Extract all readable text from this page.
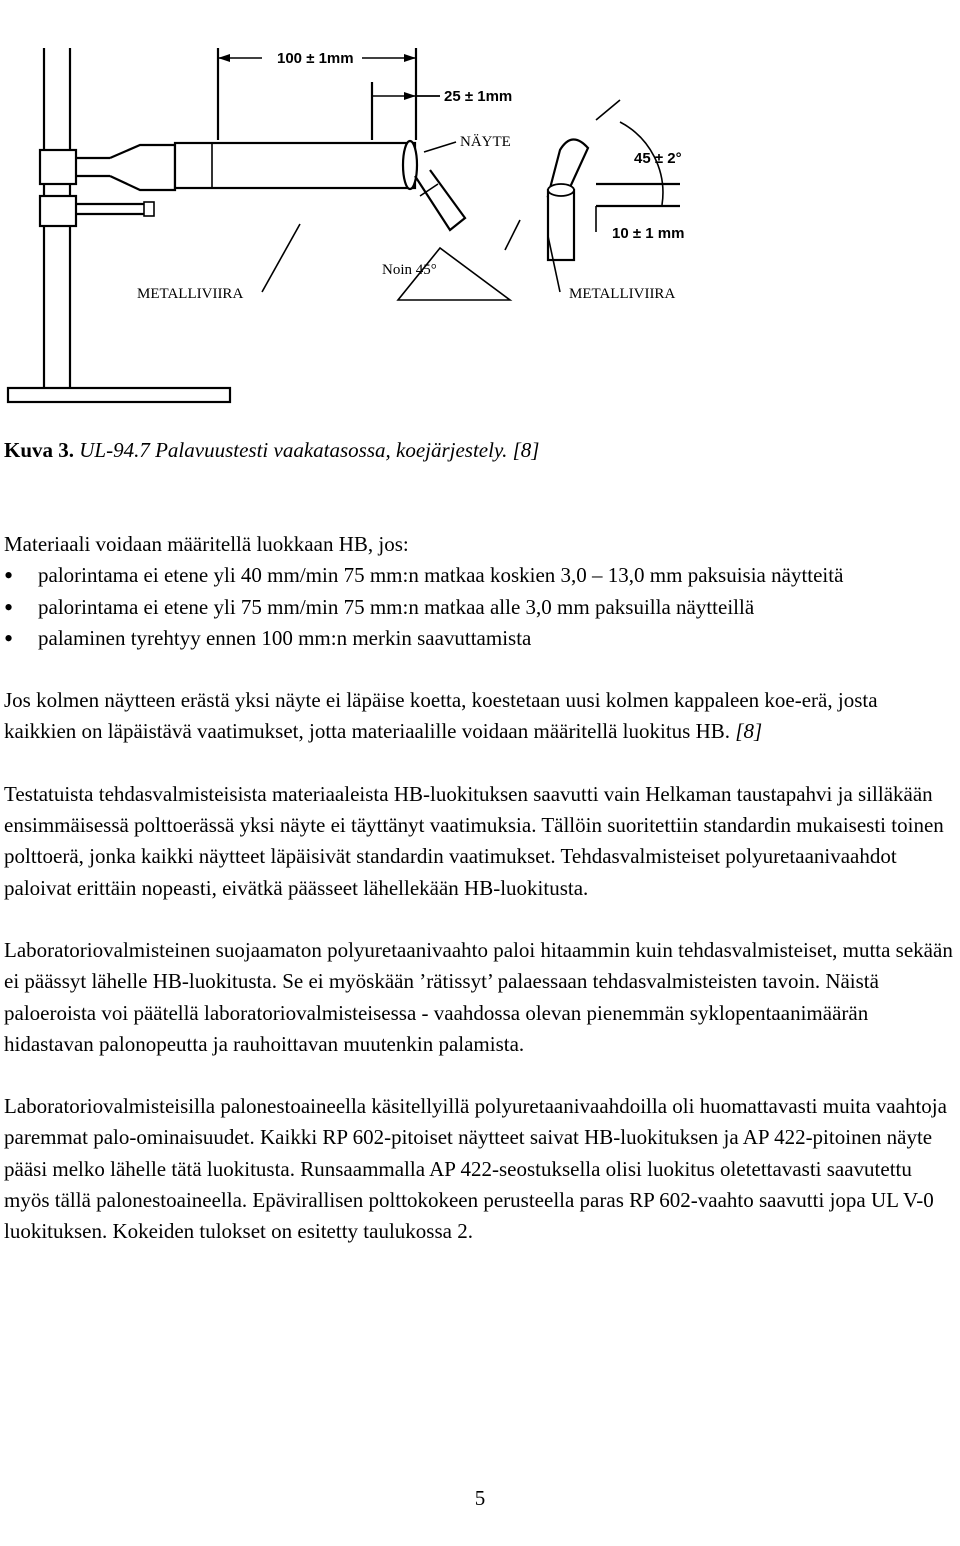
100 ± 1mm
25 ± 1mm
NÄYTE
45 ± 2°
10 ± 1 mm
Noin 45°
METALLIVIIRA	METALLIVIIRA
Kuva 3. UL-94.7 Palavuustesti vaakatasossa, koejärjestely. [8]

Materiaali voidaan määritellä luokkaan HB, jos:

• palorintama ei etene yli 40 mm/min 75 mm:n matkaa koskien 3,0 – 13,0 mm paksuisia näytteitä
• palorintama ei etene yli 75 mm/min 75 mm:n matkaa alle 3,0 mm paksuilla näytteillä
• palaminen tyrehtyy ennen 100 mm:n merkin saavuttamista

Jos kolmen näytteen erästä yksi näyte ei läpäise koetta, koestetaan uusi kolmen kappaleen koe-erä, josta kaikkien on läpäistävä vaatimukset, jotta materiaalille voidaan määritellä luokitus HB. [8]

Testatuista tehdasvalmisteisista materiaaleista HB-luokituksen saavutti vain Helkaman taustapahvi ja silläkään ensimmäisessä polttoerässä yksi näyte ei täyttänyt vaatimuksia. Tällöin suoritettiin standardin mukaisesti toinen polttoerä, jonka kaikki näytteet läpäisivät standardin vaatimukset. Tehdasvalmisteiset polyuretaanivaahdot paloivat erittäin nopeasti, eivätkä päässeet lähellekään HB-luokitusta.

Laboratoriovalmisteinen suojaamaton polyuretaanivaahto paloi hitaammin kuin tehdasvalmisteiset, mutta sekään ei päässyt lähelle HB-luokitusta. Se ei myöskään ’rätissyt’ palaessaan tehdasvalmisteisten tavoin. Näistä paloeroista voi päätellä laboratoriovalmisteisessa - vaahdossa olevan pienemmän syklopentaanimäärän hidastavan palonopeutta ja rauhoittavan muutenkin palamista.

Laboratoriovalmisteisilla palonestoaineella käsitellyillä polyuretaanivaahdoilla oli huomattavasti muita vaahtoja paremmat palo-ominaisuudet. Kaikki RP 602-pitoiset näytteet saivat HB-luokituksen ja AP 422-pitoinen näyte pääsi melko lähelle tätä luokitusta. Runsaammalla AP 422-seostuksella olisi luokitus oletettavasti saavutettu myös tällä palonestoaineella. Epävirallisen polttokokeen perusteella paras RP 602-vaahto saavutti jopa UL V-0 luokituksen. Kokeiden tulokset on esitetty taulukossa 2.

5
